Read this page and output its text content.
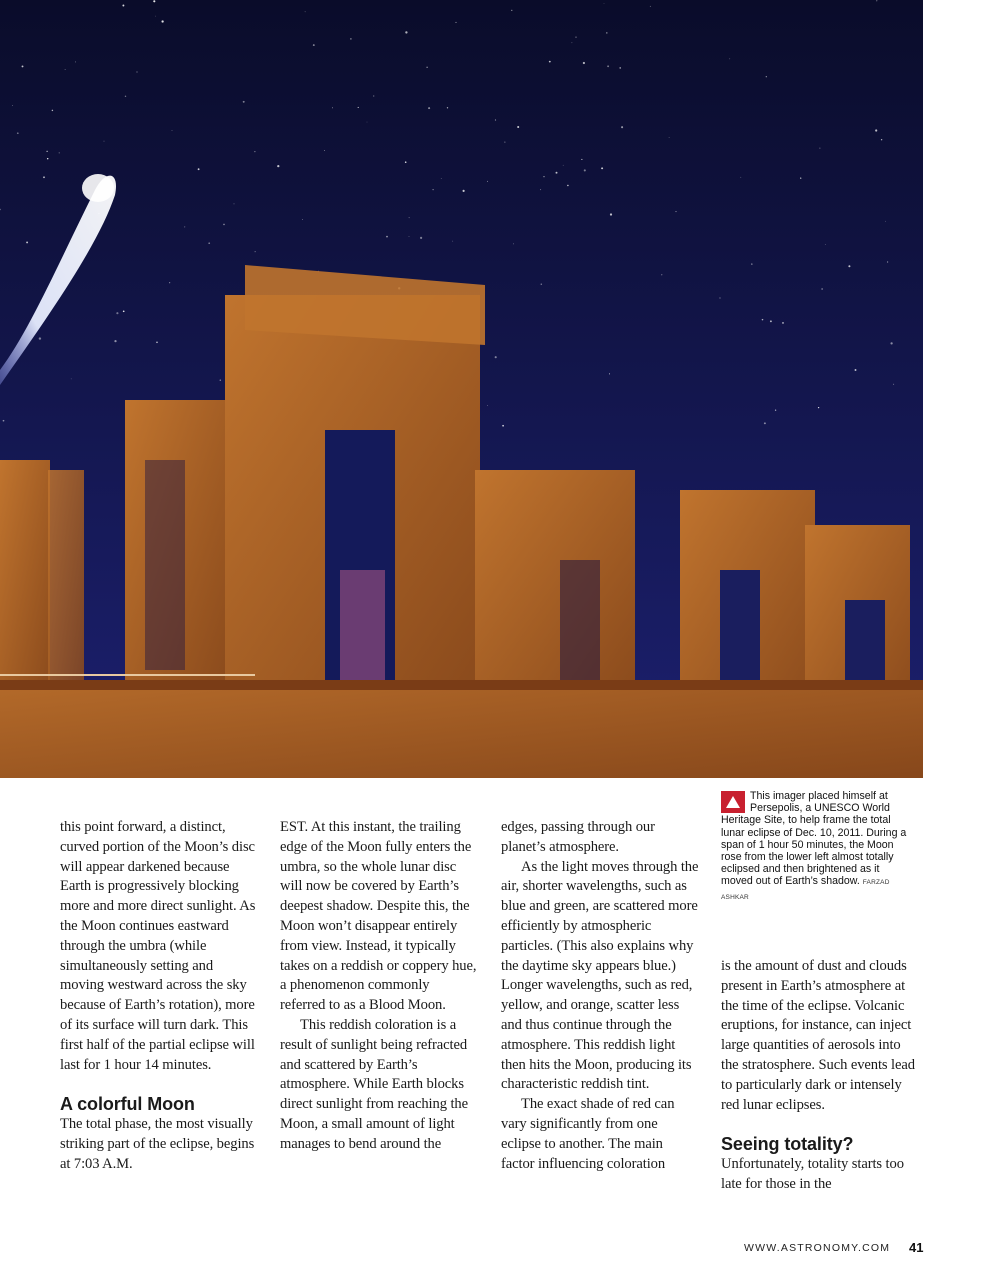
this point forward, a distinct, curved portion of the Moon’s disc will appear darkened because Earth is progressively blocking more and more direct sunlight. As the Moon continues eastward through the umbra (while simultaneously setting and moving westward across the sky because of Earth’s rotation), more of its surface will turn dark. This first half of the partial eclipse will last for 1 hour 14 minutes.

A colorful Moon

The total phase, the most visually striking part of the eclipse, begins at 7:03 A.M.

EST. At this instant, the trailing edge of the Moon fully enters the umbra, so the whole lunar disc will now be covered by Earth’s deepest shadow. Despite this, the Moon won’t disappear entirely from view. Instead, it typically takes on a reddish or coppery hue, a phenomenon commonly referred to as a Blood Moon.

This reddish coloration is a result of sunlight being refracted and scattered by Earth’s atmosphere. While Earth blocks direct sunlight from reaching the Moon, a small amount of light manages to bend around the

edges, passing through our planet’s atmosphere.

As the light moves through the air, shorter wavelengths, such as blue and green, are scattered more efficiently by atmospheric particles. (This also explains why the daytime sky appears blue.) Longer wavelengths, such as red, yellow, and orange, scatter less and thus continue through the atmosphere. This reddish light then hits the Moon, producing its characteristic reddish tint.

The exact shade of red can vary significantly from one eclipse to another. The main factor influencing coloration

is the amount of dust and clouds present in Earth’s atmosphere at the time of the eclipse. Volcanic eruptions, for instance, can inject large quantities of aerosols into the stratosphere. Such events lead to particularly dark or intensely red lunar eclipses.

Seeing totality?

Unfortunately, totality starts too late for those in the

This imager placed himself at Persepolis, a UNESCO World Heritage Site, to help frame the total lunar eclipse of Dec. 10, 2011. During a span of 1 hour 50 minutes, the Moon rose from the lower left almost totally eclipsed and then brightened as it moved out of Earth’s shadow. FARZAD ASHKAR
WWW.ASTRONOMY.COM 41
